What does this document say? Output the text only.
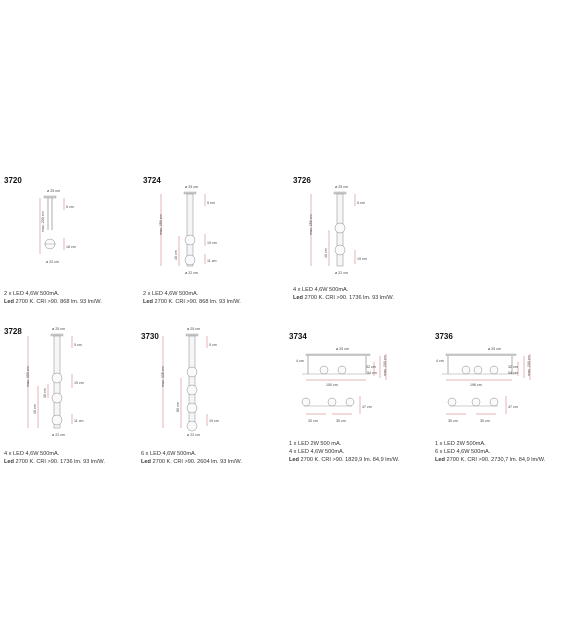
3720
ø 25 cm
max. 200 cm
5 cm
18 cm
ø 22 cm
2 x LED 4,6W 500mA.
Led 2700 K. CRI >90. 868 lm. 93 lm/W.
3724
ø 25 cm
max. 250 cm
40 cm
5 cm
19 cm
11 cm
ø 22 cm
2 x LED 4,6W 500mA.
Led 2700 K. CRI >90. 868 lm. 93 lm/W.
3726
ø 25 cm
max. 250 cm
40 cm
5 cm
19 cm
ø 22 cm
4 x LED 4,6W 500mA.
Led 2700 K. CRI >90. 1736 lm. 93 lm/W.
3728	ø 25 cm
max. 300 cm
40 cm
30 cm
5 cm
19 cm
11 cm
ø 22 cm
4 x LED 4,6W 500mA.
Led 2700 K. CRI >90. 1736 lm. 93 lm/W.
3730
ø 25 cm
max. 335 cm
80 cm
5 cm
19 cm
ø 22 cm
6 x LED 4,6W 500mA.
Led 2700 K. CRI >90. 2604 lm. 93 lm/W.
3734
ø 25 cm
4 cm
150 cm
32 cm
54 cm max. 200 cm
30 cm	30 cm
47 cm
1 x LED 2W 500 mA.
4 x LED 4,6W 500mA.
Led 2700 K. CRI >90. 1829,9 lm. 84,9 lm/W.
3736
ø 25 cm
4 cm
196 cm
32 cm
54 cm	max. 200 cm
30 cm	30 cm
47 cm
1 x LED 2W 500mA.
6 x LED 4,6W 500mA.
Led 2700 K. CRI >90. 2730,7 lm. 84,9 lm/W.
